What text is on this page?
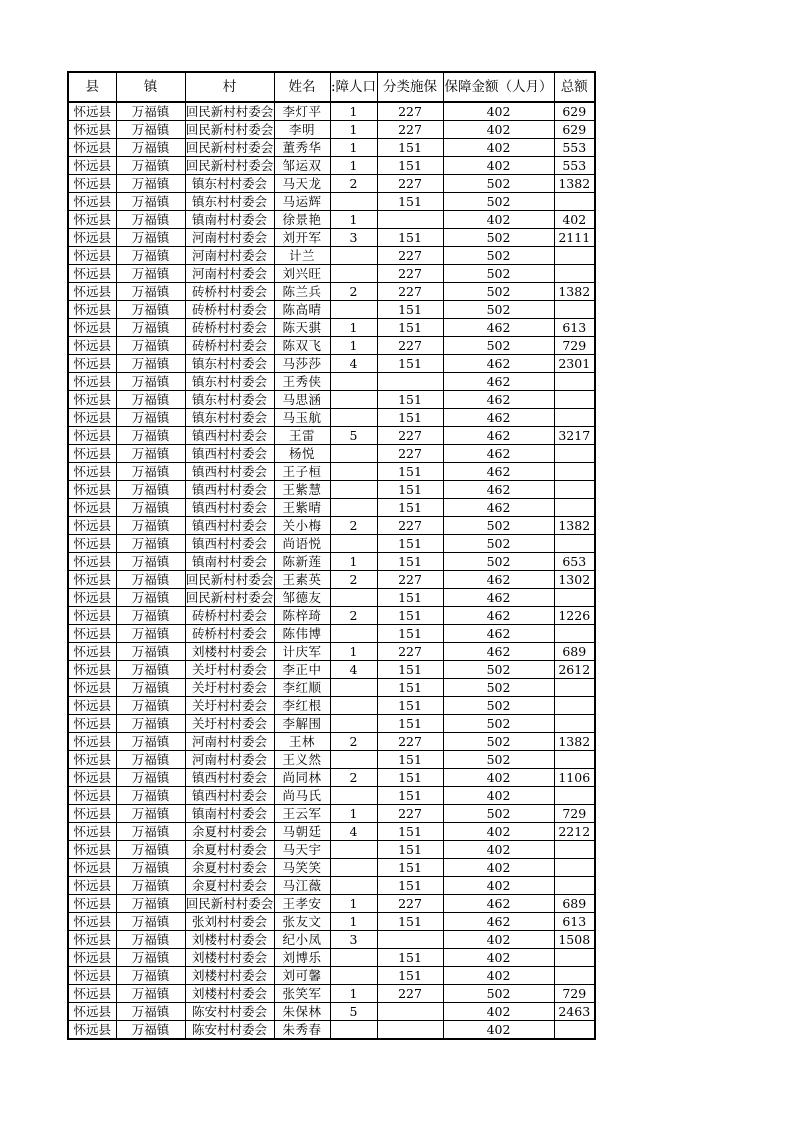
县	镇	村	姓名	:障人口	分类施保	保障金额（人月）	总额
怀远县	万福镇	回民新村村委会	李灯平	1	227	402	629
怀远县	万福镇	回民新村村委会	李明	1	227	402	629
怀远县	万福镇	回民新村村委会	董秀华	1	151	402	553
怀远县	万福镇	回民新村村委会	邹运双	1	151	402	553
怀远县	万福镇	镇东村村委会	马天龙	2	227	502	1382
怀远县	万福镇	镇东村村委会	马运辉		151	502	
怀远县	万福镇	镇南村村委会	徐景艳	1		402	402
怀远县	万福镇	河南村村委会	刘开军	3	151	502	2111
怀远县	万福镇	河南村村委会	计兰		227	502	
怀远县	万福镇	河南村村委会	刘兴旺		227	502	
怀远县	万福镇	砖桥村村委会	陈兰兵	2	227	502	1382
怀远县	万福镇	砖桥村村委会	陈高晴		151	502	
怀远县	万福镇	砖桥村村委会	陈天骐	1	151	462	613
怀远县	万福镇	砖桥村村委会	陈双飞	1	227	502	729
怀远县	万福镇	镇东村村委会	马莎莎	4	151	462	2301
怀远县	万福镇	镇东村村委会	王秀侠			462	
怀远县	万福镇	镇东村村委会	马思涵		151	462	
怀远县	万福镇	镇东村村委会	马玉航		151	462	
怀远县	万福镇	镇西村村委会	王雷	5	227	462	3217
怀远县	万福镇	镇西村村委会	杨悦		227	462	
怀远县	万福镇	镇西村村委会	王子桓		151	462	
怀远县	万福镇	镇西村村委会	王紫慧		151	462	
怀远县	万福镇	镇西村村委会	王紫晴		151	462	
怀远县	万福镇	镇西村村委会	关小梅	2	227	502	1382
怀远县	万福镇	镇西村村委会	尚语悦		151	502	
怀远县	万福镇	镇南村村委会	陈新莲	1	151	502	653
怀远县	万福镇	回民新村村委会	王素英	2	227	462	1302
怀远县	万福镇	回民新村村委会	邹德友		151	462	
怀远县	万福镇	砖桥村村委会	陈梓琦	2	151	462	1226
怀远县	万福镇	砖桥村村委会	陈伟博		151	462	
怀远县	万福镇	刘楼村村委会	计庆军	1	227	462	689
怀远县	万福镇	关圩村村委会	李正中	4	151	502	2612
怀远县	万福镇	关圩村村委会	李红顺		151	502	
怀远县	万福镇	关圩村村委会	李红根		151	502	
怀远县	万福镇	关圩村村委会	李解围		151	502	
怀远县	万福镇	河南村村委会	王林	2	227	502	1382
怀远县	万福镇	河南村村委会	王义然		151	502	
怀远县	万福镇	镇西村村委会	尚同林	2	151	402	1106
怀远县	万福镇	镇西村村委会	尚马氏		151	402	
怀远县	万福镇	镇南村村委会	王云军	1	227	502	729
怀远县	万福镇	余夏村村委会	马朝廷	4	151	402	2212
怀远县	万福镇	余夏村村委会	马天宇		151	402	
怀远县	万福镇	余夏村村委会	马笑笑		151	402	
怀远县	万福镇	余夏村村委会	马江薇		151	402	
怀远县	万福镇	回民新村村委会	王孝安	1	227	462	689
怀远县	万福镇	张刘村村委会	张友文	1	151	462	613
怀远县	万福镇	刘楼村村委会	纪小凤	3		402	1508
怀远县	万福镇	刘楼村村委会	刘博乐		151	402	
怀远县	万福镇	刘楼村村委会	刘可馨		151	402	
怀远县	万福镇	刘楼村村委会	张笑军	1	227	502	729
怀远县	万福镇	陈安村村委会	朱保林	5		402	2463
怀远县	万福镇	陈安村村委会	朱秀春			402	
